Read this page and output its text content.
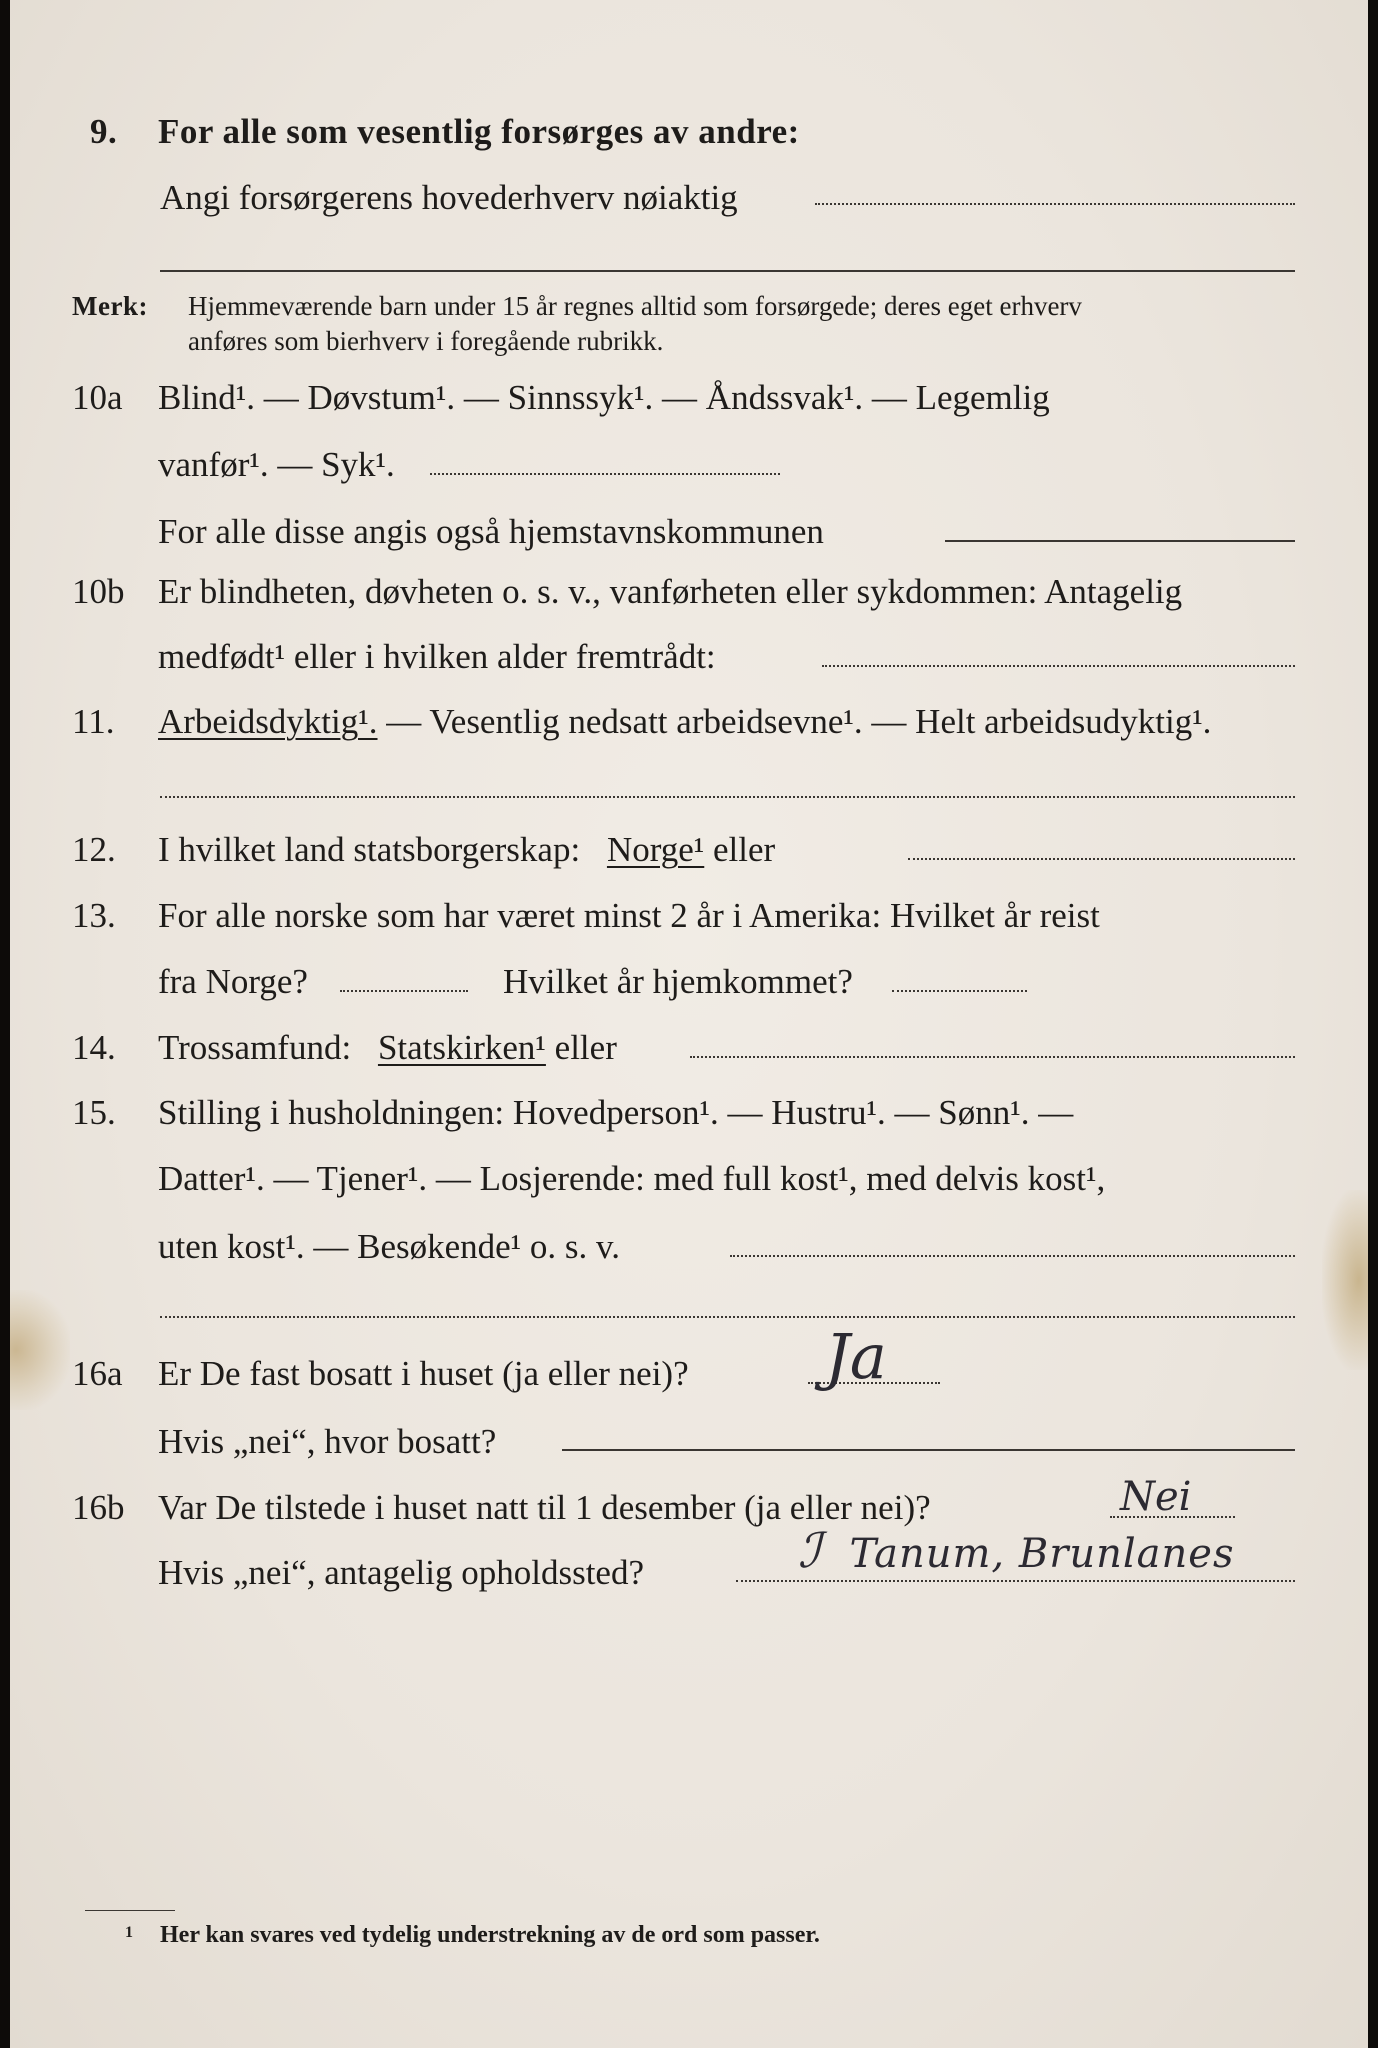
9. For alle som vesentlig forsørges av andre:
Angi forsørgerens hovederhverv nøiaktig
Merk: Hjemmeværende barn under 15 år regnes alltid som forsørgede; deres eget erhverv
anføres som bierhverv i foregående rubrikk.
10a Blind¹. — Døvstum¹. — Sinnssyk¹. — Åndssvak¹. — Legemlig
vanfør¹. — Syk¹.
For alle disse angis også hjemstavnskommunen
10b Er blindheten, døvheten o. s. v., vanførheten eller sykdommen: Antagelig
medfødt¹ eller i hvilken alder fremtrådt:
11. Arbeidsdyktig¹. — Vesentlig nedsatt arbeidsevne¹. — Helt arbeidsudyktig¹.
12. I hvilket land statsborgerskap: Norge¹ eller
13. For alle norske som har været minst 2 år i Amerika: Hvilket år reist
fra Norge?	Hvilket år hjemkommet?
14. Trossamfund: Statskirken¹ eller
15. Stilling i husholdningen: Hovedperson¹. — Hustru¹. — Sønn¹. —
Datter¹. — Tjener¹. — Losjerende: med full kost¹, med delvis kost¹,
uten kost¹. — Besøkende¹ o. s. v.
16a Er De fast bosatt i huset (ja eller nei)? Ja
Hvis „nei“, hvor bosatt?
16b Var De tilstede i huset natt til 1 desember (ja eller nei)?	Nei
Hvis „nei“, antagelig opholdssted?	ℐ Tanum, Brunlanes
1 Her kan svares ved tydelig understrekning av de ord som passer.
